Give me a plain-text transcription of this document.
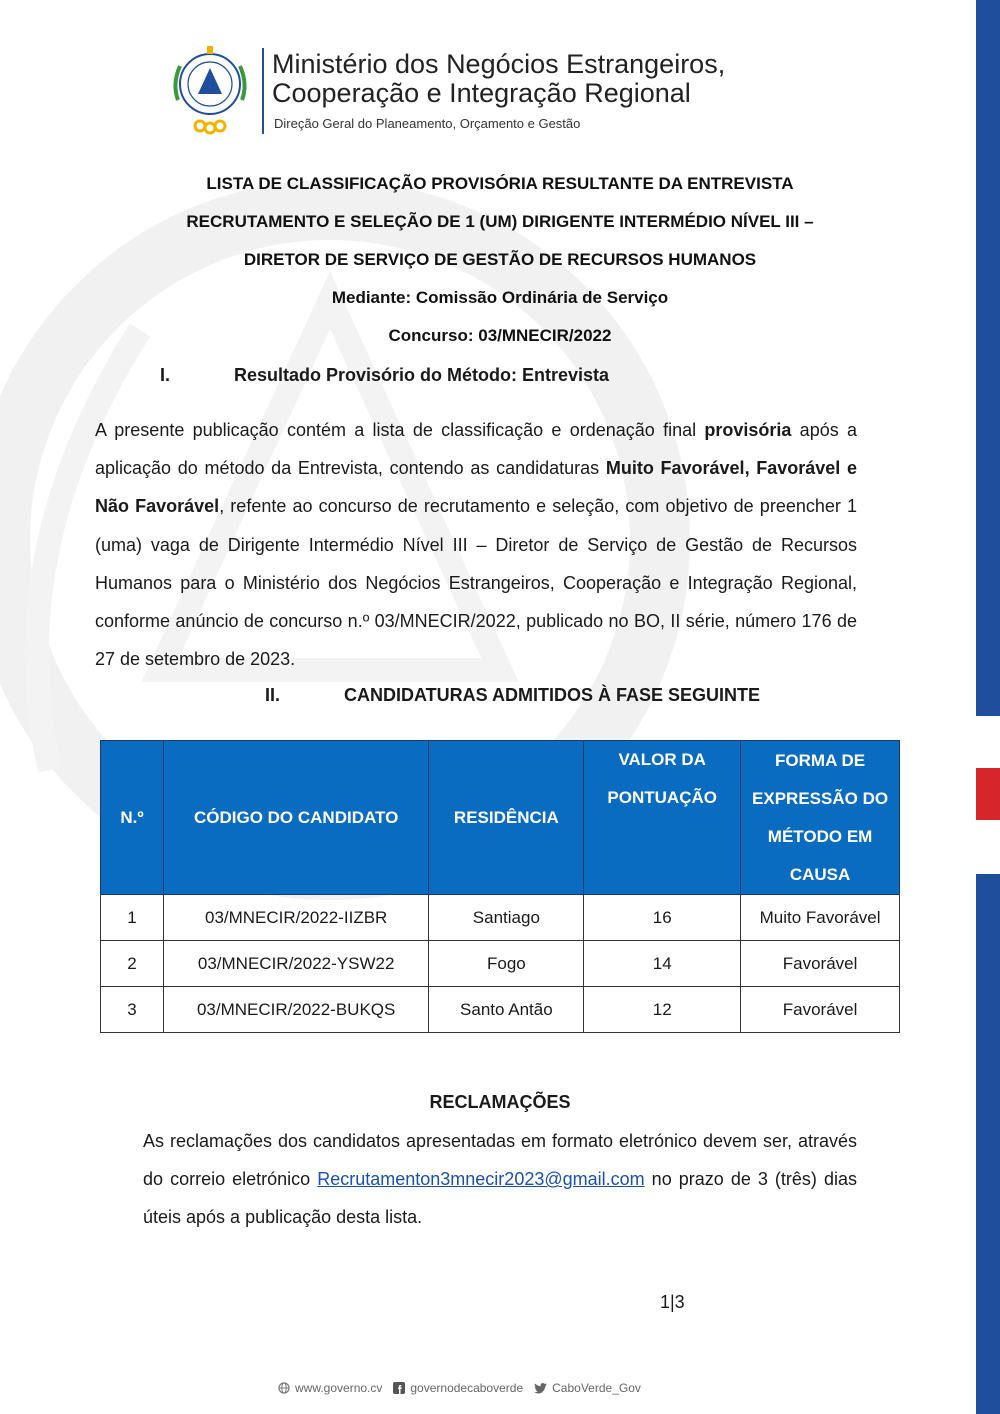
Ministério dos Negócios Estrangeiros,
Cooperação e Integração Regional
Direção Geral do Planeamento, Orçamento e Gestão
LISTA DE CLASSIFICAÇÃO PROVISÓRIA RESULTANTE DA ENTREVISTA
RECRUTAMENTO E SELEÇÃO DE 1 (UM) DIRIGENTE INTERMÉDIO NÍVEL III –
DIRETOR DE SERVIÇO DE GESTÃO DE RECURSOS HUMANOS
Mediante: Comissão Ordinária de Serviço
Concurso: 03/MNECIR/2022
I.	Resultado Provisório do Método: Entrevista
A presente publicação contém a lista de classificação e ordenação final provisória após a aplicação do método da Entrevista, contendo as candidaturas Muito Favorável, Favorável e Não Favorável, refente ao concurso de recrutamento e seleção, com objetivo de preencher 1 (uma) vaga de Dirigente Intermédio Nível III – Diretor de Serviço de Gestão de Recursos Humanos para o Ministério dos Negócios Estrangeiros, Cooperação e Integração Regional, conforme anúncio de concurso n.º 03/MNECIR/2022, publicado no BO, II série, número 176 de 27 de setembro de 2023.
II.	CANDIDATURAS ADMITIDOS À FASE SEGUINTE
N.º	CÓDIGO DO CANDIDATO	RESIDÊNCIA	VALOR DA PONTUAÇÃO	FORMA DE EXPRESSÃO DO MÉTODO EM CAUSA
1	03/MNECIR/2022-IIZBR	Santiago	16	Muito Favorável
2	03/MNECIR/2022-YSW22	Fogo	14	Favorável
3	03/MNECIR/2022-BUKQS	Santo Antão	12	Favorável
RECLAMAÇÕES
As reclamações dos candidatos apresentadas em formato eletrónico devem ser, através do correio eletrónico Recrutamenton3mnecir2023@gmail.com no prazo de 3 (três) dias úteis após a publicação desta lista.
1|3
www.governo.cv governodecaboverde CaboVerde_Gov
